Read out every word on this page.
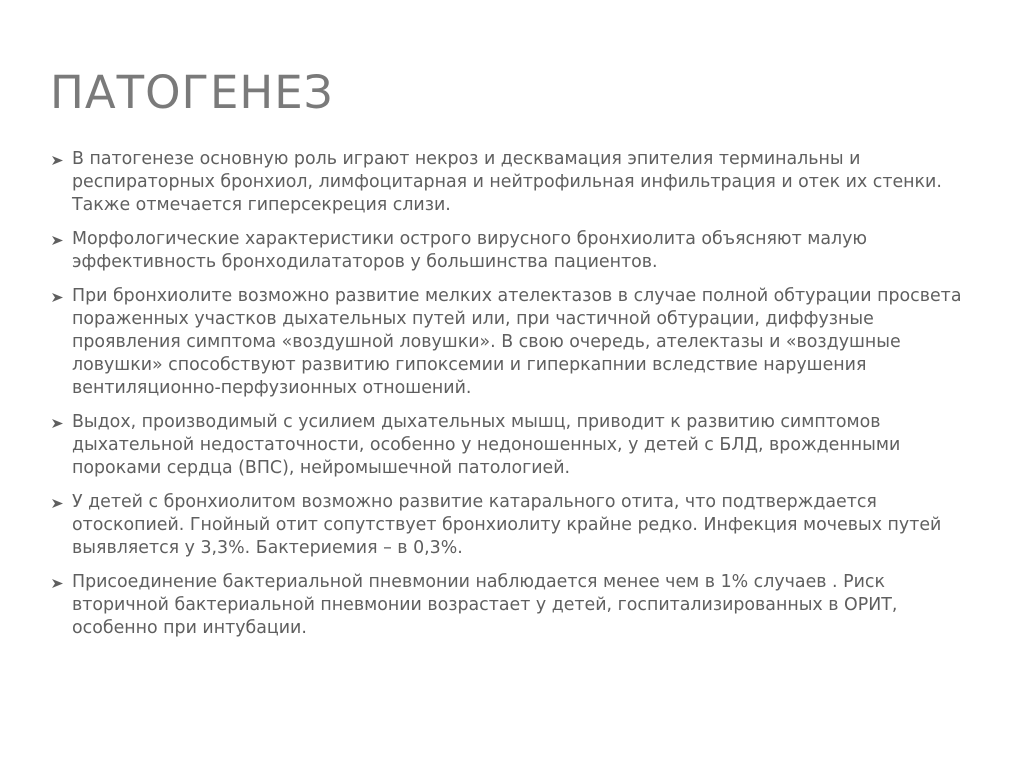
ПАТОГЕНЕЗ
В патогенезе основную роль играют некроз и десквамация эпителия терминальны и респираторных бронхиол, лимфоцитарная и нейтрофильная инфильтрация и отек их стенки. Также отмечается гиперсекреция слизи.
Морфологические характеристики острого вирусного бронхиолита объясняют малую эффективность бронходилататоров у большинства пациентов.
При бронхиолите возможно развитие мелких ателектазов в случае полной обтурации просвета пораженных участков дыхательных путей или, при частичной обтурации, диффузные проявления симптома «воздушной ловушки». В свою очередь, ателектазы и «воздушные ловушки» способствуют развитию гипоксемии и гиперкапнии вследствие нарушения вентиляционно-перфузионных отношений.
Выдох, производимый с усилием дыхательных мышц, приводит к развитию симптомов дыхательной недостаточности, особенно у недоношенных, у детей с БЛД, врожденными пороками сердца (ВПС), нейромышечной патологией.
У детей с бронхиолитом возможно развитие катарального отита, что подтверждается отоскопией. Гнойный отит сопутствует бронхиолиту крайне редко. Инфекция мочевых путей выявляется у 3,3%. Бактериемия – в 0,3%.
Присоединение бактериальной пневмонии наблюдается менее чем в 1% случаев . Риск вторичной бактериальной пневмонии возрастает у детей, госпитализированных в ОРИТ, особенно при интубации.
